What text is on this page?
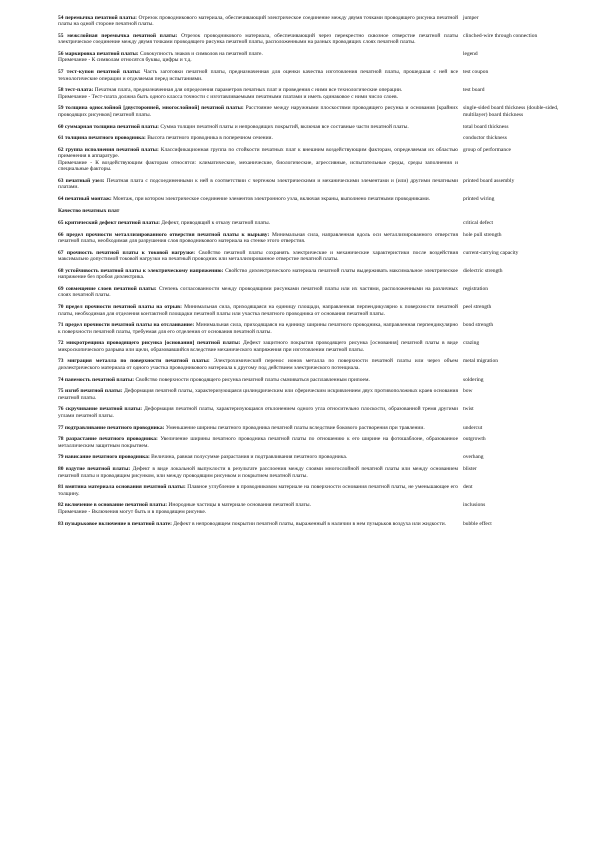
54 перемычка печатной платы: Отрезок проводникового материала, обеспечивающий электрическое соединение между двумя точками проводящего рисунка печатной платы на одной стороне печатной платы.
jumper
55 межслойная перемычка печатной платы: Отрезок проводникового материала, обеспечивающий через перекрестно сквозное отверстие печатной платы электрическое соединение между двумя точками проводящего рисунка печатной платы, расположенными на разных проводящих слоях печатной платы.
clinched-wire through connection
56 маркировка печатной платы: Совокупность знаков и символов на печатной плате.
Примечание - К символам относятся буквы, цифры и т.д.
legend
57 тест-купон печатной платы: Часть заготовки печатной платы, предназначенная для оценки качества изготовления печатной платы, прошедшая с ней все технологические операции и отделяемая перед испытаниями.
test coupon
58 тест-плата: Печатная плата, предназначенная для определения параметров печатных плат и проведения с ними все технологические операции.
Примечание - Тест-плата должна быть одного класса точности с изготавливаемыми печатными платами и иметь одинаковое с ними число слоев.
test board
59 толщина однослойной [двусторонней, многослойной] печатной платы: Расстояние между наружными плоскостями проводящего рисунка и основания [крайних проводящих рисунков] печатной платы.
single-sided board thickness (double-sided, multilayer) board thickness
60 суммарная толщина печатной платы: Сумма толщин печатной платы и непроводящих покрытий, включая все составные части печатной платы.	total board thickness
61 толщина печатного проводника: Высота печатного проводника в поперечном сечении.	conductor thickness
62 группа исполнения печатной платы: Классификационная группа по стойкости печатных плат к внешним воздействующим факторам, определяемая их областью применения в аппаратуре.
Примечание - К воздействующим факторам относятся: климатические, механические, биологические, агрессивные, испытательные среды, среды заполнения и специальные факторы.
group of performance
63 печатный узел: Печатная плата с подсоединенными к ней в соответствии с чертежом электрическими и механическими элементами и (или) другими печатными платами.
printed board assembly
64 печатный монтаж: Монтаж, при котором электрическое соединение элементов электронного узла, включая экраны, выполнено печатными проводниками.	printed wiring
Качество печатных плат
65 критический дефект печатной платы: Дефект, приводящий к отказу печатной платы.	critical defect
66 предел прочности металлизированного отверстия печатной платы к вырыву: Минимальная сила, направленная вдоль оси металлизированного отверстия печатной платы, необходимая для разрушения слоя проводникового материала на стенке этого отверстия.
hole pull strength
67 прочность печатной платы к токовой нагрузке: Свойство печатной платы сохранять электрические и механические характеристики после воздействия максимально допустимой токовой нагрузки на печатный проводник или металлизированное отверстие печатной платы.
current-carrying capacity
68 устойчивость печатной платы к электрическому напряжению: Свойство диэлектрического материала печатной платы выдерживать максимальное электрическое напряжение без пробоя диэлектрика.
dielectric strength
69 совмещение слоев печатной платы: Степень согласованности между проводящими рисунками печатной платы или их частями, расположенными на различных слоях печатной платы.
registration
70 предел прочности печатной платы на отрыв: Минимальная сила, приходящаяся на единицу площади, направленная перпендикулярно к поверхности печатной платы, необходимая для отделения контактной площадки печатной платы или участка печатного проводника от основания печатной платы.
peel strength
71 предел прочности печатной платы на отслаивание: Минимальная сила, приходящаяся на единицу ширины печатного проводника, направленная перпендикулярно к поверхности печатной платы, требуемая для его отделения от основания печатной платы.
bond strength
72 микротрещина проводящего рисунка [основания] печатной платы: Дефект защитного покрытия проводящего рисунка [основания] печатной платы в виде микроскопического разрыва или щели, образовавшийся вследствие механического напряжения при изготовлении печатной платы.
crazing
73 миграция металла по поверхности печатной платы: Электрохимический перенос ионов металла по поверхности печатной платы или через объем диэлектрического материала от одного участка проводникового материала к другому под действием электрического потенциала.
metal migration
74 паяемость печатной платы: Свойство поверхности проводящего рисунка печатной платы смачиваться расплавленным припоем.	soldering
75 изгиб печатной платы: Деформация печатной платы, характеризующаяся цилиндрическим или сферическим искривлением двух противоположных краев основания печатной платы.
bow
76 скручивание печатной платы: Деформация печатной платы, характеризующаяся отклонением одного угла относительно плоскости, образованной тремя другими углами печатной платы.
twist
77 подтравливание печатного проводника: Уменьшение ширины печатного проводника печатной платы вследствие бокового растворения при травлении.	undercut
78 разрастание печатного проводника: Увеличение ширины печатного проводника печатной платы по отношению к его ширине на фотошаблоне, образованное металлическим защитным покрытием.
outgrowth
79 нависание печатного проводника: Величина, равная полусумме разрастания и подтравливания печатного проводника.	overhang
80 вздутие печатной платы: Дефект в виде локальной выпуклости в результате расслоения между слоями многослойной печатной платы или между основанием печатной платы и проводящим рисунком, или между проводящим рисунком и покрытием печатной платы.
blister
81 вмятина материала основания печатной платы: Плавное углубление в проводниковом материале на поверхности основания печатной платы, не уменьшающее его толщину.
dent
82 включение в основание печатной платы: Инородные частицы в материале основания печатной платы.
Примечание - Включения могут быть и в проводящем рисунке.
inclusions
83 пузырьковое включение в печатной плате: Дефект в непроводящем покрытии печатной платы, выраженный в наличии в нем пузырьков воздуха или жидкости.	bubble effect
